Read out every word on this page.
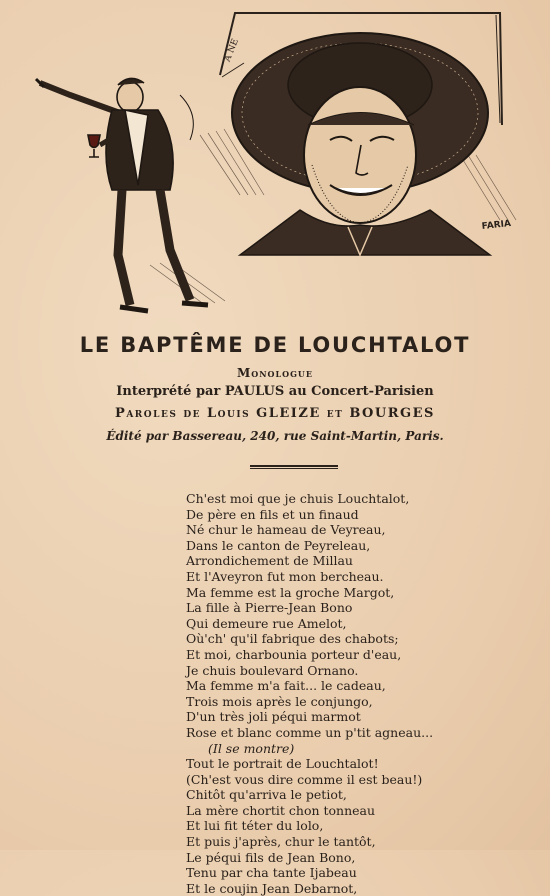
A NE
FARIA
LE BAPTÊME DE LOUCHTALOT
Monologue
Interprété par PAULUS au Concert-Parisien
Paroles de Louis GLEIZE et BOURGES
Édité par Bassereau, 240, rue Saint-Martin, Paris.
Ch'est moi que je chuis Louchtalot,
De père en fils et un finaud
Né chur le hameau de Veyreau,
Dans le canton de Peyreleau,
Arrondichement de Millau
Et l'Aveyron fut mon bercheau.
Ma femme est la groche Margot,
La fille à Pierre-Jean Bono
Qui demeure rue Amelot,
Où'ch' qu'il fabrique des chabots;
Et moi, charbounia porteur d'eau,
Je chuis boulevard Ornano.
Ma femme m'a fait... le cadeau,
Trois mois après le conjungo,
D'un très joli péqui marmot
Rose et blanc comme un p'tit agneau...
(Il se montre)
Tout le portrait de Louchtalot!
(Ch'est vous dire comme il est beau!)
Chitôt qu'arriva le petiot,
La mère chortit chon tonneau
Et lui fit téter du lolo,
Et puis j'après, chur le tantôt,
Le péqui fils de Jean Bono,
Tenu par cha tante Ijabeau
Et le coujin Jean Debarnot,
